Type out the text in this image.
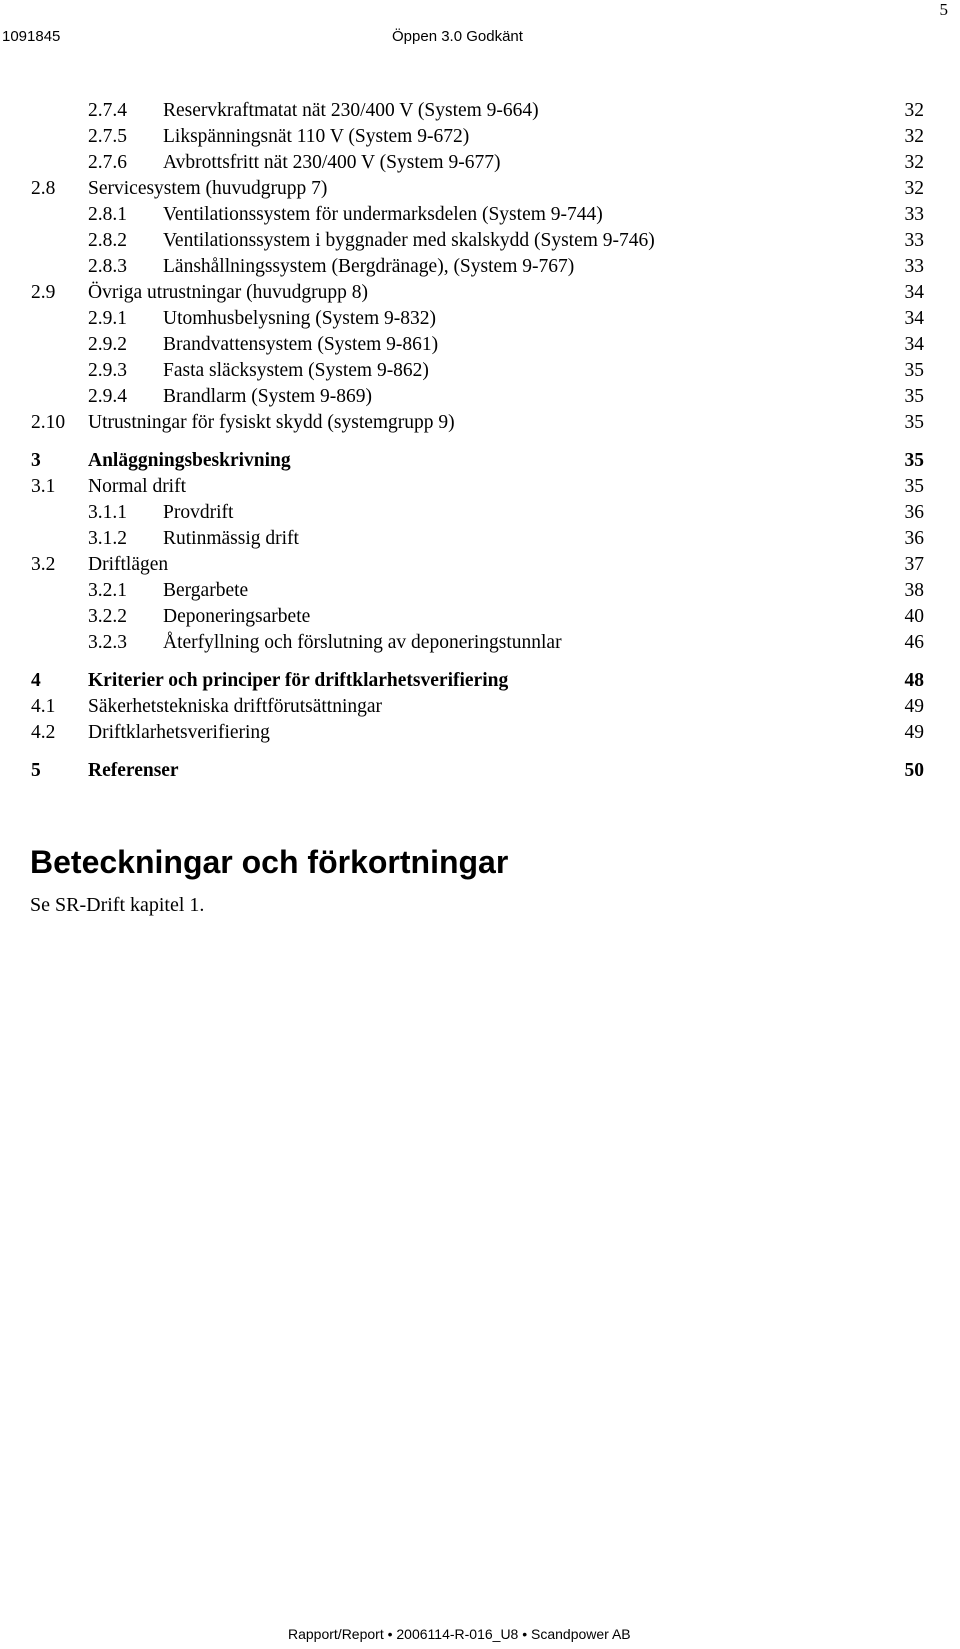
5
1091845	Öppen 3.0 Godkänt
2.7.4 Reservkraftmatat nät 230/400 V (System 9-664)	32
2.7.5 Likspänningsnät 110 V (System 9-672)	32
2.7.6 Avbrottsfritt nät 230/400 V (System 9-677)	32
2.8 Servicesystem (huvudgrupp 7)	32
2.8.1 Ventilationssystem för undermarksdelen (System 9-744)	33
2.8.2 Ventilationssystem i byggnader med skalskydd (System 9-746)	33
2.8.3 Länshållningssystem (Bergdränage), (System 9-767)	33
2.9 Övriga utrustningar (huvudgrupp 8)	34
2.9.1 Utomhusbelysning (System 9-832)	34
2.9.2 Brandvattensystem (System 9-861)	34
2.9.3 Fasta släcksystem (System 9-862)	35
2.9.4 Brandlarm (System 9-869)	35
2.10 Utrustningar för fysiskt skydd (systemgrupp 9)	35
3 Anläggningsbeskrivning	35
3.1 Normal drift	35
3.1.1 Provdrift	36
3.1.2 Rutinmässig drift	36
3.2 Driftlägen	37
3.2.1 Bergarbete	38
3.2.2 Deponeringsarbete	40
3.2.3 Återfyllning och förslutning av deponeringstunnlar	46
4 Kriterier och principer för driftklarhetsverifiering	48
4.1 Säkerhetstekniska driftförutsättningar	49
4.2 Driftklarhetsverifiering	49
5 Referenser	50
Beteckningar och förkortningar
Se SR-Drift kapitel 1.
Rapport/Report • 2006114-R-016_U8 • Scandpower AB
